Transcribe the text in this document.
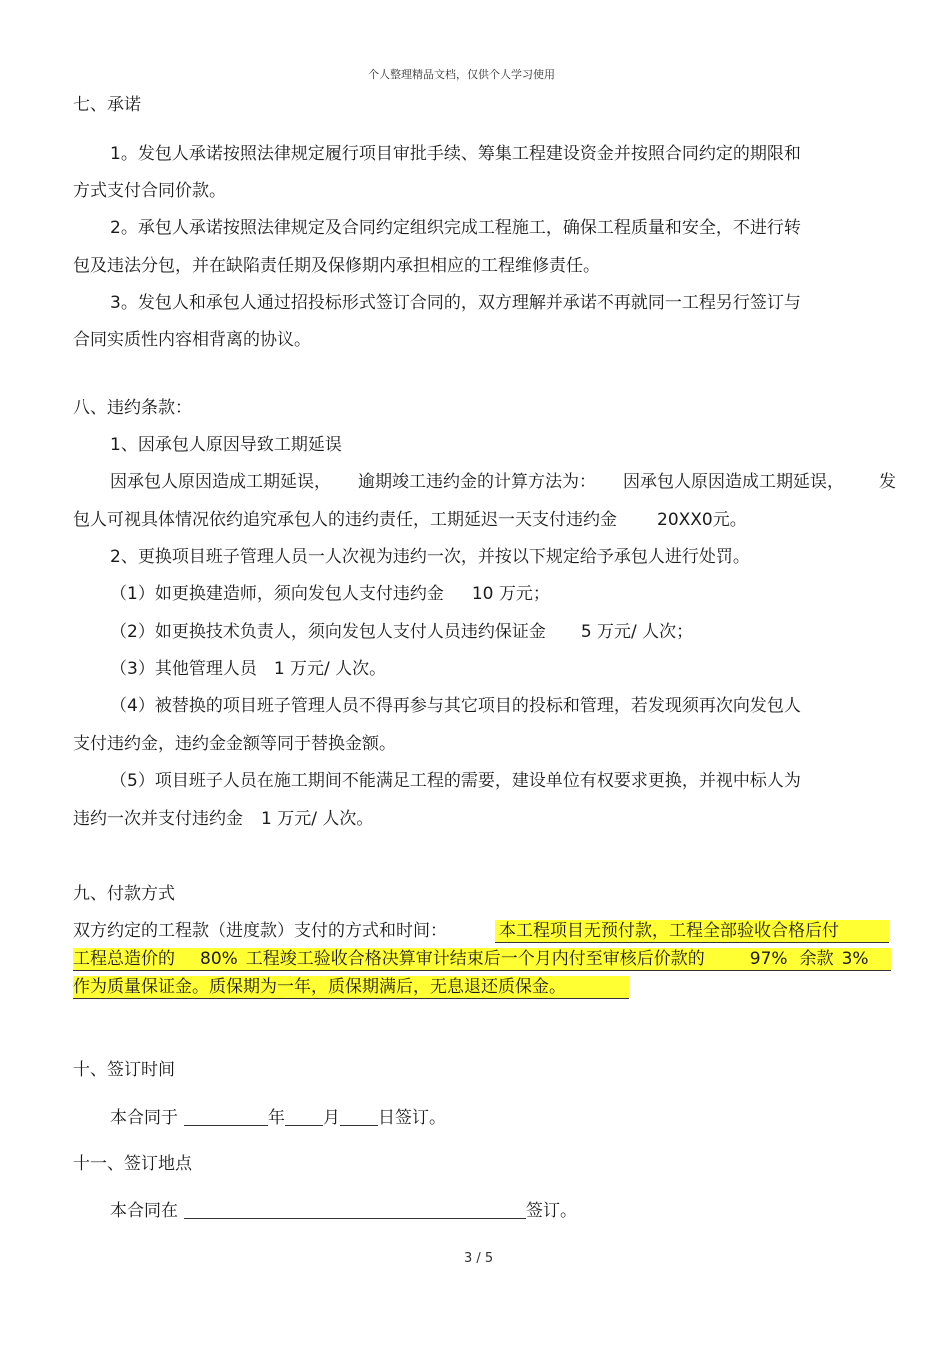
个人整理精品文档，仅供个人学习使用
七、承诺
1。发包人承诺按照法律规定履行项目审批手续、筹集工程建设资金并按照合同约定的期限和
方式支付合同价款。
2。承包人承诺按照法律规定及合同约定组织完成工程施工，确保工程质量和安全，不进行转
包及违法分包，并在缺陷责任期及保修期内承担相应的工程维修责任。
3。发包人和承包人通过招投标形式签订合同的，双方理解并承诺不再就同一工程另行签订与
合同实质性内容相背离的协议。
八、违约条款：
1、因承包人原因导致工期延误
因承包人原因造成工期延误， 逾期竣工违约金的计算方法为： 因承包人原因造成工期延误， 发
包人可视具体情况依约追究承包人的违约责任，工期延迟一天支付违约金 20XX0元。
2、更换项目班子管理人员一人次视为违约一次，并按以下规定给予承包人进行处罚。
（1）如更换建造师，须向发包人支付违约金 10 万元；
（2）如更换技术负责人，须向发包人支付人员违约保证金 5 万元/ 人次；
（3）其他管理人员　1 万元/ 人次。
（4）被替换的项目班子管理人员不得再参与其它项目的投标和管理，若发现须再次向发包人
支付违约金，违约金金额等同于替换金额。
（5）项目班子人员在施工期间不能满足工程的需要，建设单位有权要求更换，并视中标人为
违约一次并支付违约金 1 万元/ 人次。
九、付款方式
双方约定的工程款（进度款）支付的方式和时间：	本工程项目无预付款，工程全部验收合格后付
工程总造价的 80% 工程竣工验收合格决算审计结束后一个月内付至审核后价款的	97% 余款 3%
作为质量保证金。质保期为一年，质保期满后，无息退还质保金。
十、签订时间
本合同于	年 月 日签订。
十一、签订地点
本合同在	签订。
3 / 5
